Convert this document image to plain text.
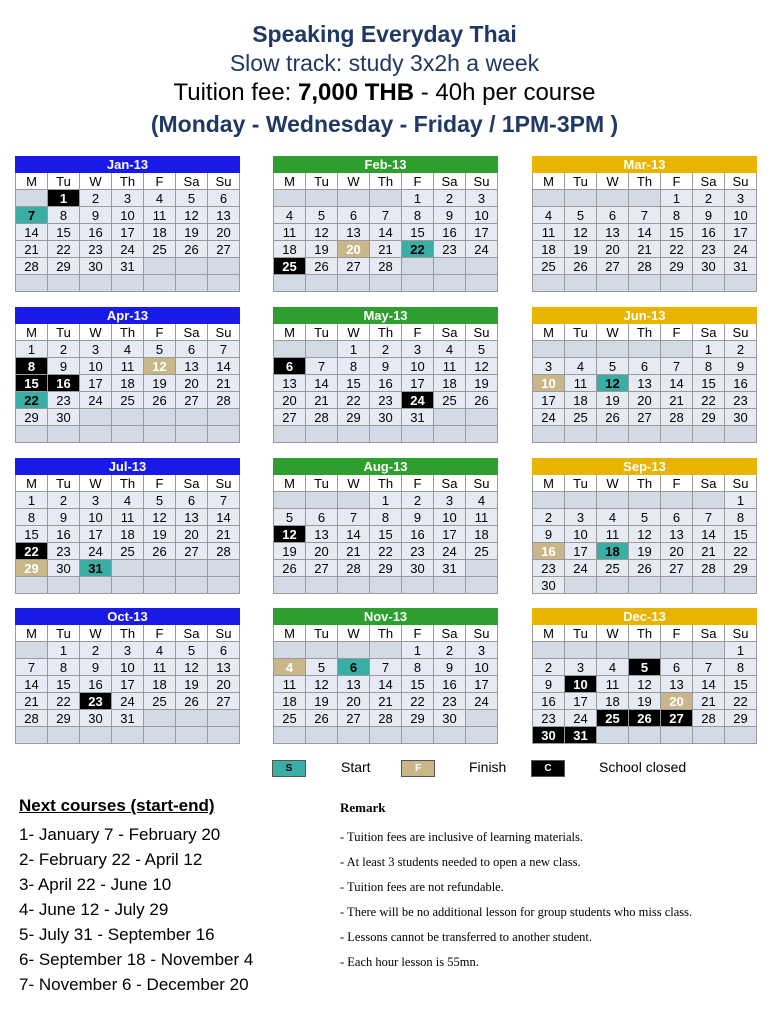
Speaking Everyday Thai
Slow track: study 3x2h a week
Tuition fee: 7,000 THB - 40h per course
(Monday - Wednesday - Friday / 1PM-3PM )
Jan-13						
M	Tu	W	Th	F	Sa	Su
	1	2	3	4	5	6
7	8	9	10	11	12	13
14	15	16	17	18	19	20
21	22	23	24	25	26	27
28	29	30	31			

Feb-13						
M	Tu	W	Th	F	Sa	Su
				1	2	3
4	5	6	7	8	9	10
11	12	13	14	15	16	17
18	19	20	21	22	23	24
25	26	27	28			

Mar-13						
M	Tu	W	Th	F	Sa	Su
				1	2	3
4	5	6	7	8	9	10
11	12	13	14	15	16	17
18	19	20	21	22	23	24
25	26	27	28	29	30	31

Apr-13						
M	Tu	W	Th	F	Sa	Su
1	2	3	4	5	6	7
8	9	10	11	12	13	14
15	16	17	18	19	20	21
22	23	24	25	26	27	28
29	30					

May-13						
M	Tu	W	Th	F	Sa	Su
		1	2	3	4	5
6	7	8	9	10	11	12
13	14	15	16	17	18	19
20	21	22	23	24	25	26
27	28	29	30	31		

Jun-13						
M	Tu	W	Th	F	Sa	Su
					1	2
3	4	5	6	7	8	9
10	11	12	13	14	15	16
17	18	19	20	21	22	23
24	25	26	27	28	29	30

Jul-13						
M	Tu	W	Th	F	Sa	Su
1	2	3	4	5	6	7
8	9	10	11	12	13	14
15	16	17	18	19	20	21
22	23	24	25	26	27	28
29	30	31				

Aug-13						
M	Tu	W	Th	F	Sa	Su
			1	2	3	4
5	6	7	8	9	10	11
12	13	14	15	16	17	18
19	20	21	22	23	24	25
26	27	28	29	30	31	

Sep-13						
M	Tu	W	Th	F	Sa	Su
						1
2	3	4	5	6	7	8
9	10	11	12	13	14	15
16	17	18	19	20	21	22
23	24	25	26	27	28	29
30						
Oct-13						
M	Tu	W	Th	F	Sa	Su
	1	2	3	4	5	6
7	8	9	10	11	12	13
14	15	16	17	18	19	20
21	22	23	24	25	26	27
28	29	30	31			

Nov-13						
M	Tu	W	Th	F	Sa	Su
				1	2	3
4	5	6	7	8	9	10
11	12	13	14	15	16	17
18	19	20	21	22	23	24
25	26	27	28	29	30	

Dec-13						
M	Tu	W	Th	F	Sa	Su
						1
2	3	4	5	6	7	8
9	10	11	12	13	14	15
16	17	18	19	20	21	22
23	24	25	26	27	28	29
30	31					
S	Start	F	Finish	C	School closed
Next courses (start-end)
1- January 7 - February 20
2- February 22 - April 12
3- April 22 - June 10
4- June 12 - July 29
5- July 31 - September 16
6- September 18 - November 4
7- November 6 - December 20
Remark
- Tuition fees are inclusive of learning materials.
- At least 3 students needed to open a new class.
- Tuition fees are not refundable.
- There will be no additional lesson for group students who miss class.
- Lessons cannot be transferred to another student.
- Each hour lesson is 55mn.
